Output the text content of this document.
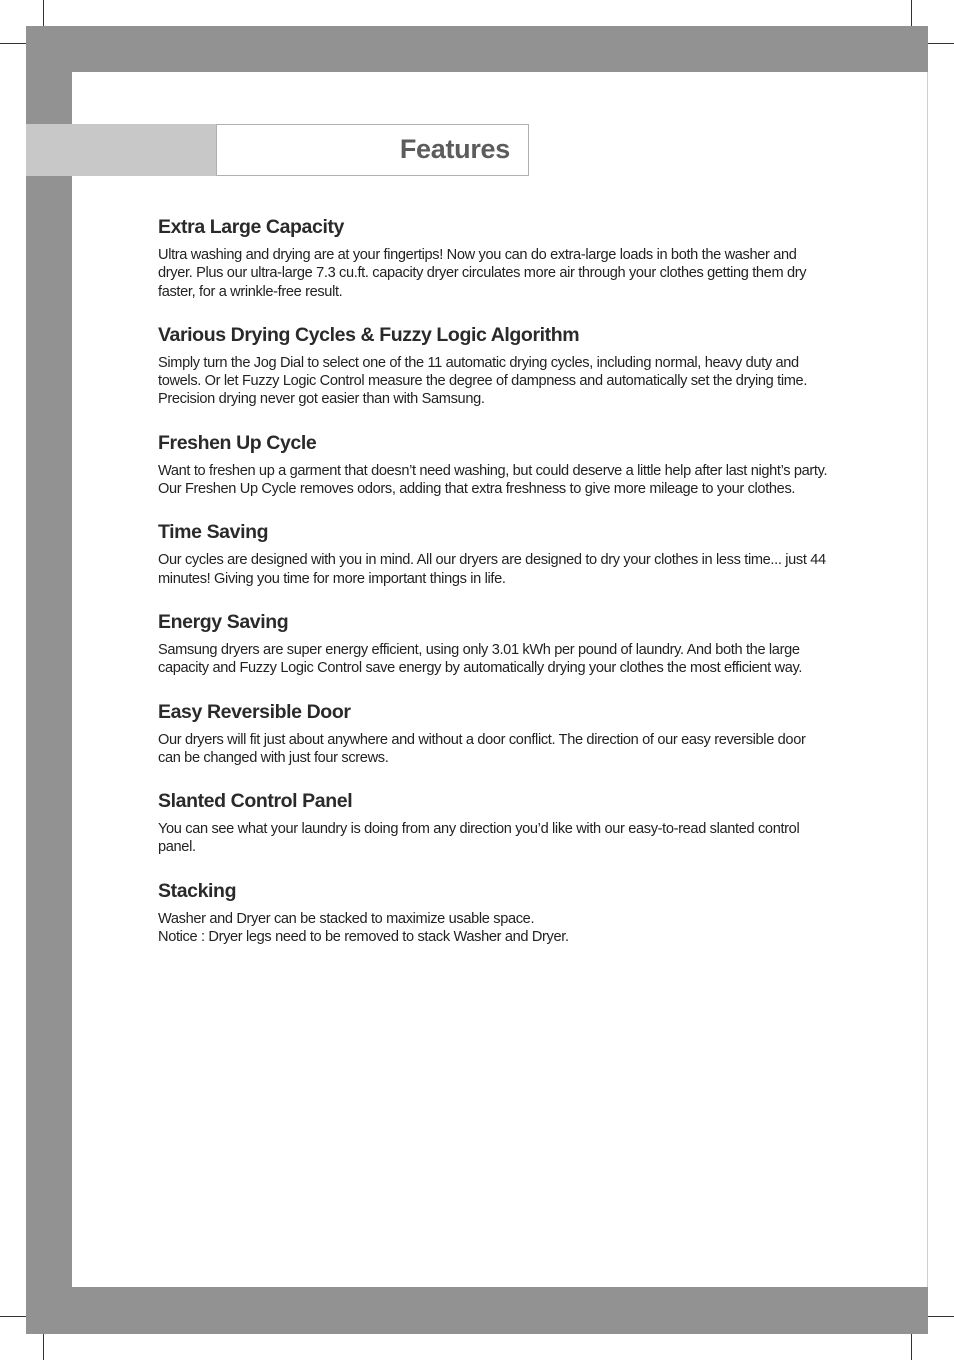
Features
Extra Large Capacity

Ultra washing and drying are at your fingertips! Now you can do extra-large loads in both the washer and dryer. Plus our ultra-large 7.3 cu.ft. capacity dryer circulates more air through your clothes getting them dry faster, for a wrinkle-free result.

Various Drying Cycles & Fuzzy Logic Algorithm

Simply turn the Jog Dial to select one of the 11 automatic drying cycles, including normal, heavy duty and towels. Or let Fuzzy Logic Control measure the degree of dampness and automatically set the drying time. Precision drying never got easier than with Samsung.

Freshen Up Cycle

Want to freshen up a garment that doesn’t need washing, but could deserve a little help after last night’s party. Our Freshen Up Cycle removes odors, adding that extra freshness to give more mileage to your clothes.

Time Saving

Our cycles are designed with you in mind. All our dryers are designed to dry your clothes in less time... just 44 minutes! Giving you time for more important things in life.

Energy Saving

Samsung dryers are super energy efficient, using only 3.01 kWh per pound of laundry. And both the large capacity and Fuzzy Logic Control save energy by automatically drying your clothes the most efficient way.

Easy Reversible Door

Our dryers will fit just about anywhere and without a door conflict. The direction of our easy reversible door can be changed with just four screws.

Slanted Control Panel

You can see what your laundry is doing from any direction you’d like with our easy-to-read slanted control panel.

Stacking

Washer and Dryer can be stacked to maximize usable space.

Notice : Dryer legs need to be removed to stack Washer and Dryer.
